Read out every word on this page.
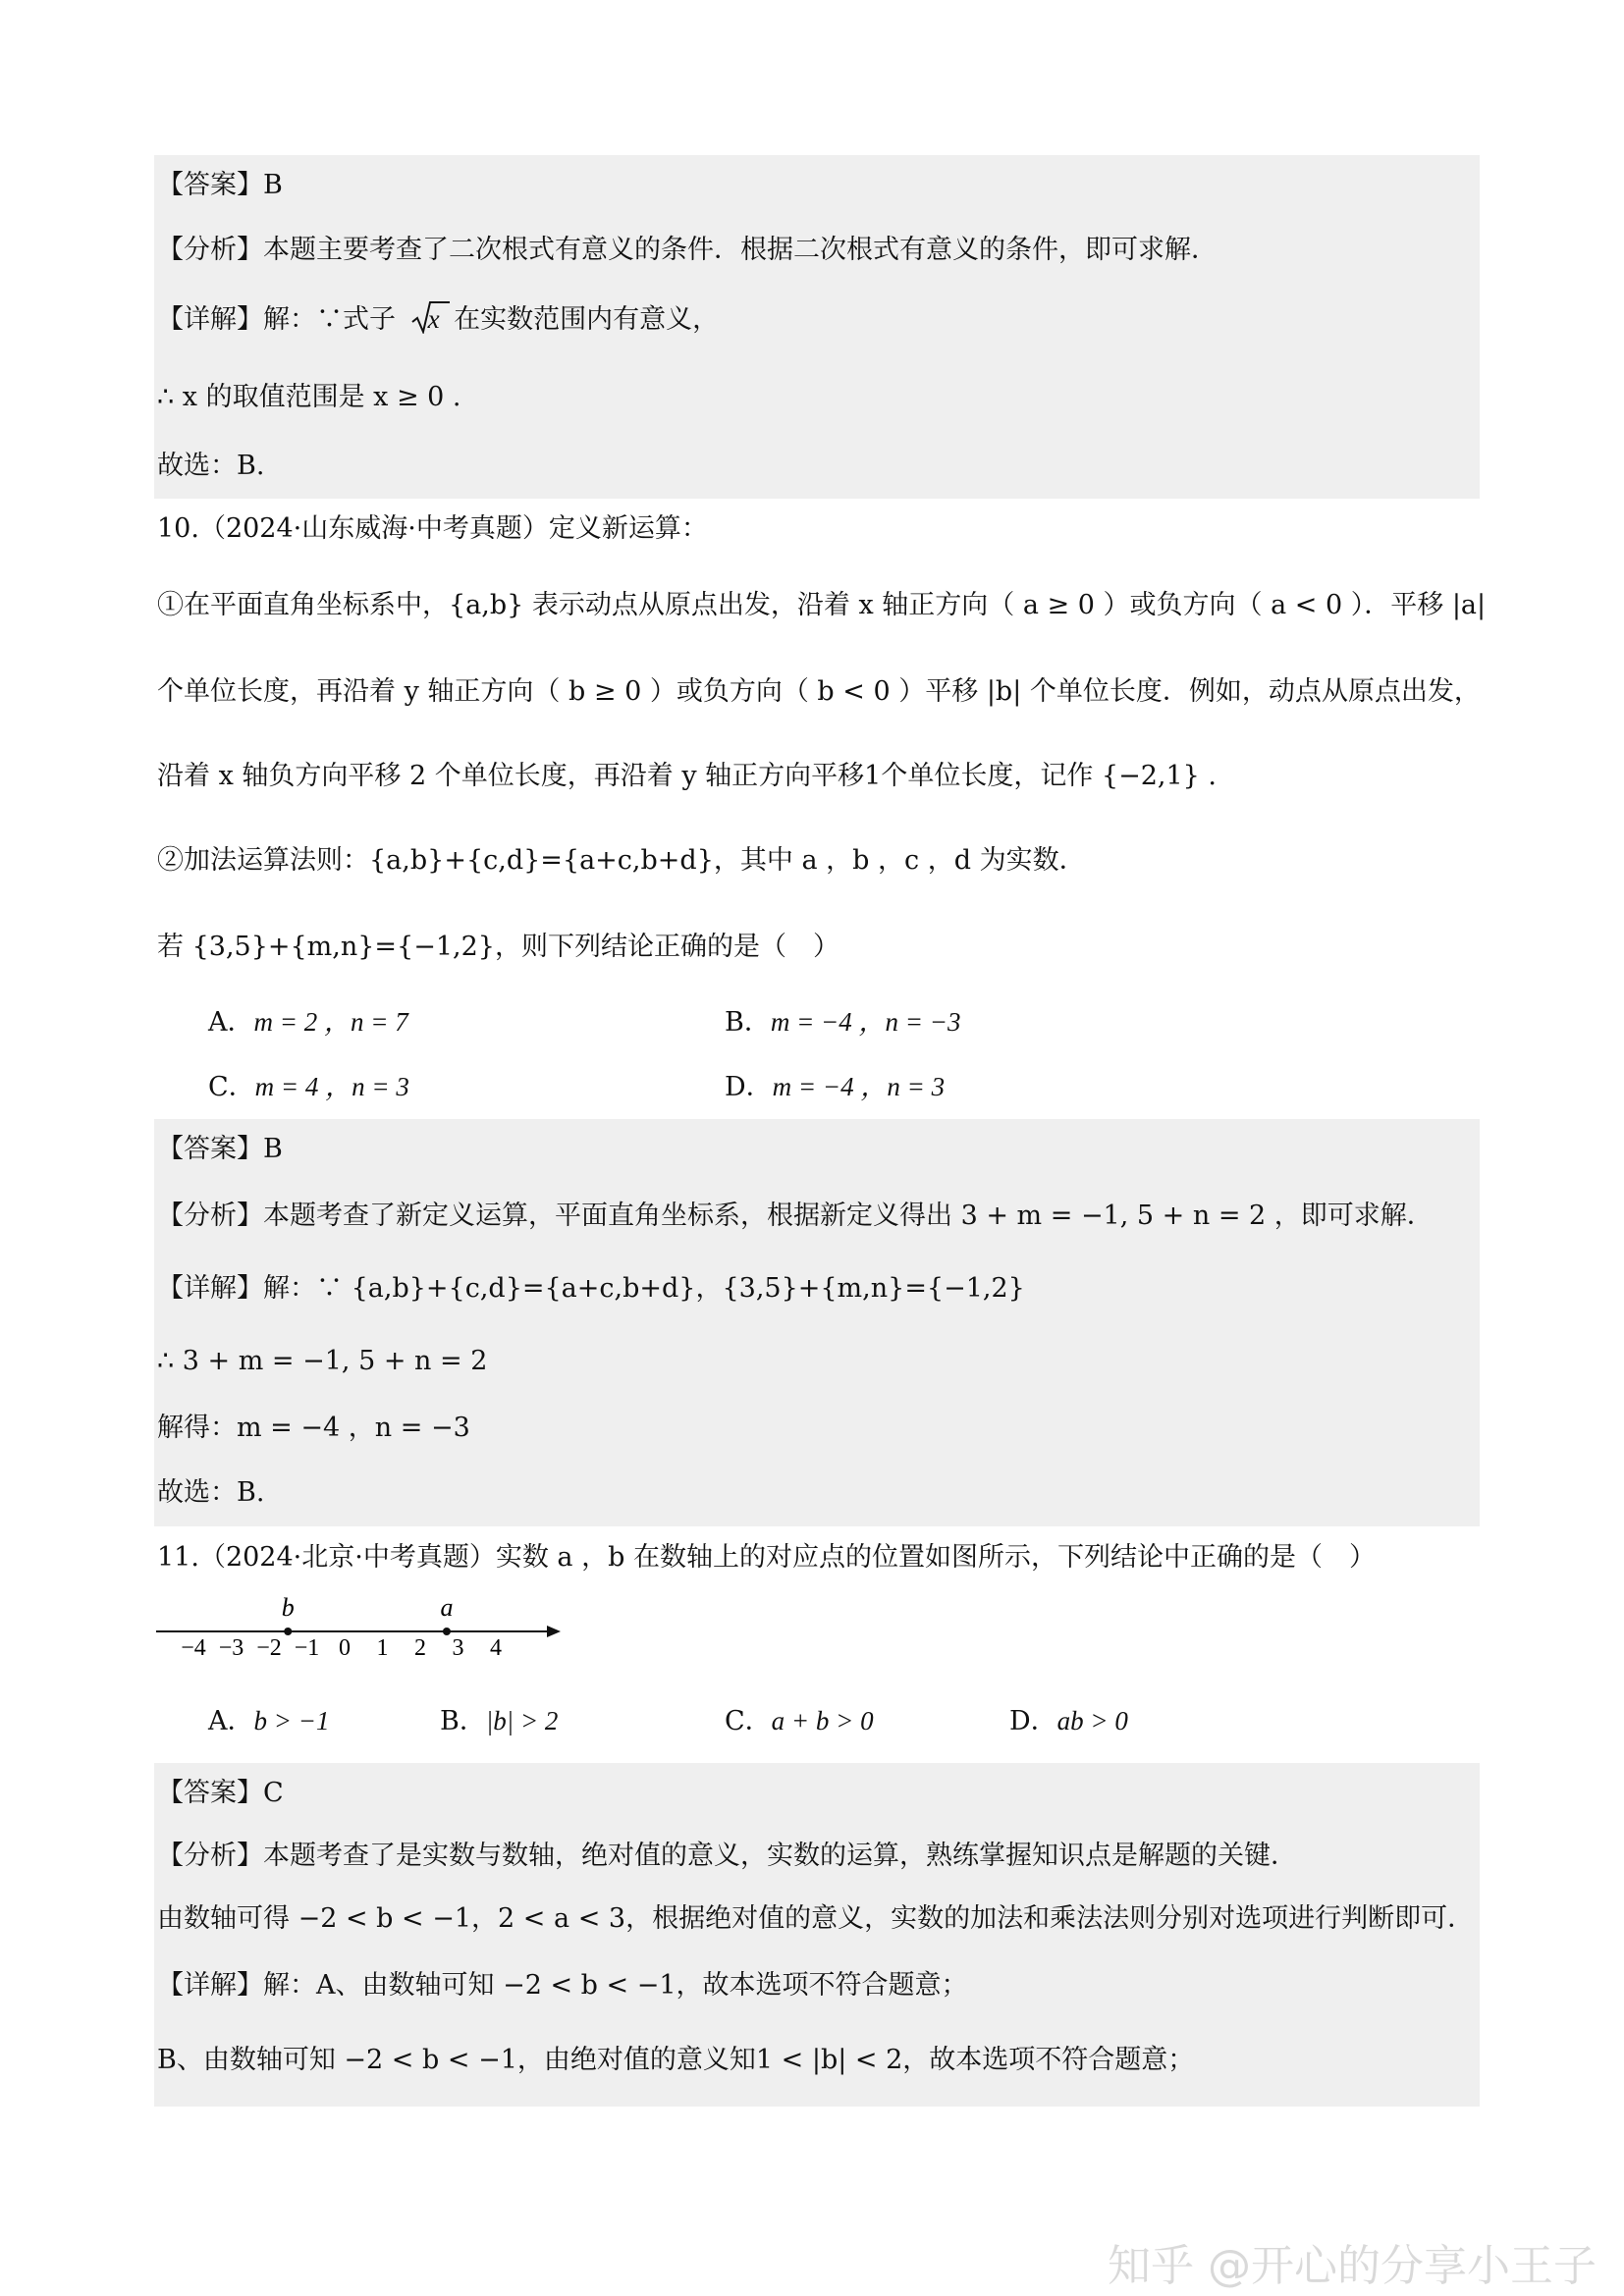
【答案】B
【分析】本题主要考查了二次根式有意义的条件．根据二次根式有意义的条件，即可求解．
【详解】解：∵式子 x 在实数范围内有意义，
∴ x 的取值范围是 x ≥ 0 .
故选：B.
10.（2024·山东威海·中考真题）定义新运算：
①在平面直角坐标系中，{a,b} 表示动点从原点出发，沿着 x 轴正方向（ a ≥ 0 ）或负方向（ a < 0 ）．平移 |a|
个单位长度，再沿着 y 轴正方向（ b ≥ 0 ）或负方向（ b < 0 ）平移 |b| 个单位长度．例如，动点从原点出发，
沿着 x 轴负方向平移 2 个单位长度，再沿着 y 轴正方向平移1个单位长度，记作 {−2,1} .
②加法运算法则：{a,b}+{c,d}={a+c,b+d}，其中 a ，b ，c ，d 为实数．
若 {3,5}+{m,n}={−1,2}，则下列结论正确的是（　）
A．m = 2 ，n = 7	B．m = −4 ，n = −3
C．m = 4 ，n = 3	D．m = −4 ，n = 3
【答案】B
【分析】本题考查了新定义运算，平面直角坐标系，根据新定义得出 3 + m = −1, 5 + n = 2 ，即可求解．
【详解】解：∵ {a,b}+{c,d}={a+c,b+d}，{3,5}+{m,n}={−1,2}
∴ 3 + m = −1, 5 + n = 2
解得：m = −4 ，n = −3
故选：B.
11.（2024·北京·中考真题）实数 a ，b 在数轴上的对应点的位置如图所示，下列结论中正确的是（　）
−4 −3 −2 −1 0 1 2 3 4
b	a
A．b > −1	B．|b| > 2	C．a + b > 0	D．ab > 0
【答案】C
【分析】本题考查了是实数与数轴，绝对值的意义，实数的运算，熟练掌握知识点是解题的关键．
由数轴可得 −2 < b < −1，2 < a < 3，根据绝对值的意义，实数的加法和乘法法则分别对选项进行判断即可．
【详解】解：A、由数轴可知 −2 < b < −1，故本选项不符合题意；
B、由数轴可知 −2 < b < −1，由绝对值的意义知1 < |b| < 2，故本选项不符合题意；
知乎 @开心的分享小王子
